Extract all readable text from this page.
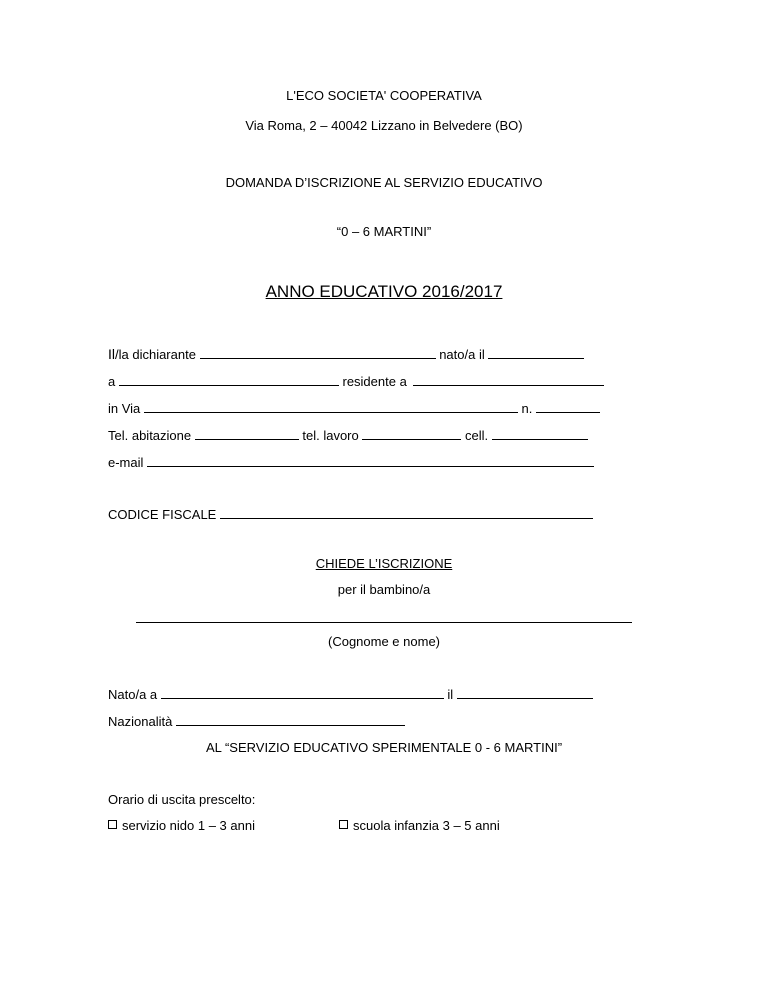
L'ECO SOCIETA' COOPERATIVA
Via Roma, 2 – 40042 Lizzano in Belvedere (BO)
DOMANDA D’ISCRIZIONE AL SERVIZIO EDUCATIVO
“0 – 6 MARTINI”
ANNO EDUCATIVO 2016/2017
Il/la dichiarante	nato/a il
a	residente a
in Via	n.
Tel. abitazione	tel. lavoro	cell.
e-mail
CODICE FISCALE
CHIEDE L’ISCRIZIONE
per il bambino/a
(Cognome e nome)
Nato/a a	il
Nazionalità
AL “SERVIZIO EDUCATIVO SPERIMENTALE 0 - 6 MARTINI”
Orario di uscita prescelto:
servizio nido 1 – 3 anni	scuola infanzia 3 – 5 anni
